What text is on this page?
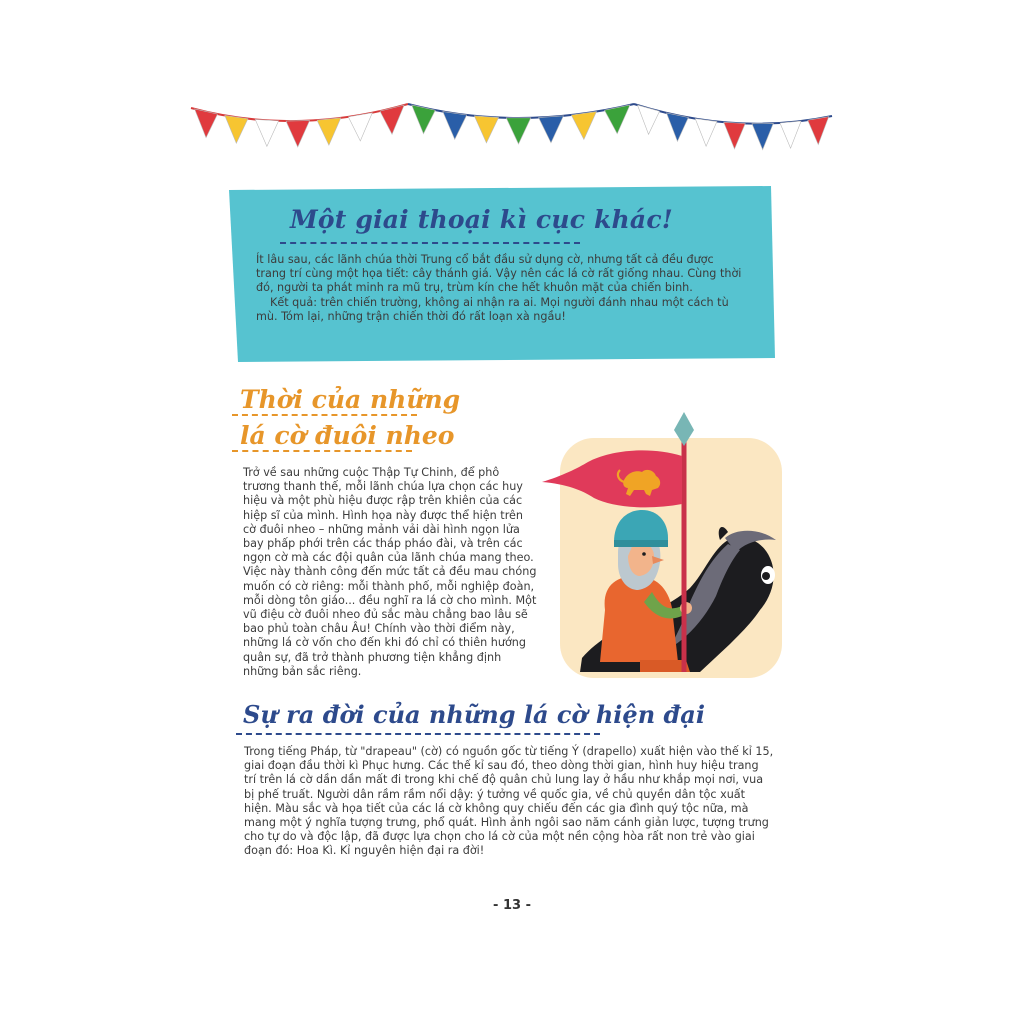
Một giai thoại kì cục khác!

Ít lâu sau, các lãnh chúa thời Trung cổ bắt đầu sử dụng cờ, nhưng tất cả đều được trang trí cùng một họa tiết: cây thánh giá. Vậy nên các lá cờ rất giống nhau. Cùng thời đó, người ta phát minh ra mũ trụ, trùm kín che hết khuôn mặt của chiến binh.

Kết quả: trên chiến trường, không ai nhận ra ai. Mọi người đánh nhau một cách tù mù. Tóm lại, những trận chiến thời đó rất loạn xà ngầu!

Thời của những
lá cờ đuôi nheo

Trở về sau những cuộc Thập Tự Chinh, để phô trương thanh thế, mỗi lãnh chúa lựa chọn các huy hiệu và một phù hiệu được rập trên khiên của các hiệp sĩ của mình. Hình họa này được thể hiện trên cờ đuôi nheo – những mảnh vải dài hình ngọn lửa bay phấp phới trên các tháp pháo đài, và trên các ngọn cờ mà các đội quân của lãnh chúa mang theo. Việc này thành công đến mức tất cả đều mau chóng muốn có cờ riêng: mỗi thành phố, mỗi nghiệp đoàn, mỗi dòng tôn giáo... đều nghĩ ra lá cờ cho mình. Một vũ điệu cờ đuôi nheo đủ sắc màu chẳng bao lâu sẽ bao phủ toàn châu Âu! Chính vào thời điểm này, những lá cờ vốn cho đến khi đó chỉ có thiên hướng quân sự, đã trở thành phương tiện khẳng định những bản sắc riêng.

Sự ra đời của những lá cờ hiện đại

Trong tiếng Pháp, từ "drapeau" (cờ) có nguồn gốc từ tiếng Ý (drapello) xuất hiện vào thế kỉ 15, giai đoạn đầu thời kì Phục hưng. Các thế kỉ sau đó, theo dòng thời gian, hình huy hiệu trang trí trên lá cờ dần dần mất đi trong khi chế độ quân chủ lung lay ở hầu như khắp mọi nơi, vua bị phế truất. Người dân rầm rầm nổi dậy: ý tưởng về quốc gia, về chủ quyền dân tộc xuất hiện. Màu sắc và họa tiết của các lá cờ không quy chiếu đến các gia đình quý tộc nữa, mà mang một ý nghĩa tượng trưng, phổ quát. Hình ảnh ngôi sao năm cánh giản lược, tượng trưng cho tự do và độc lập, đã được lựa chọn cho lá cờ của một nền cộng hòa rất non trẻ vào giai đoạn đó: Hoa Kì. Kỉ nguyên hiện đại ra đời!

- 13 -
